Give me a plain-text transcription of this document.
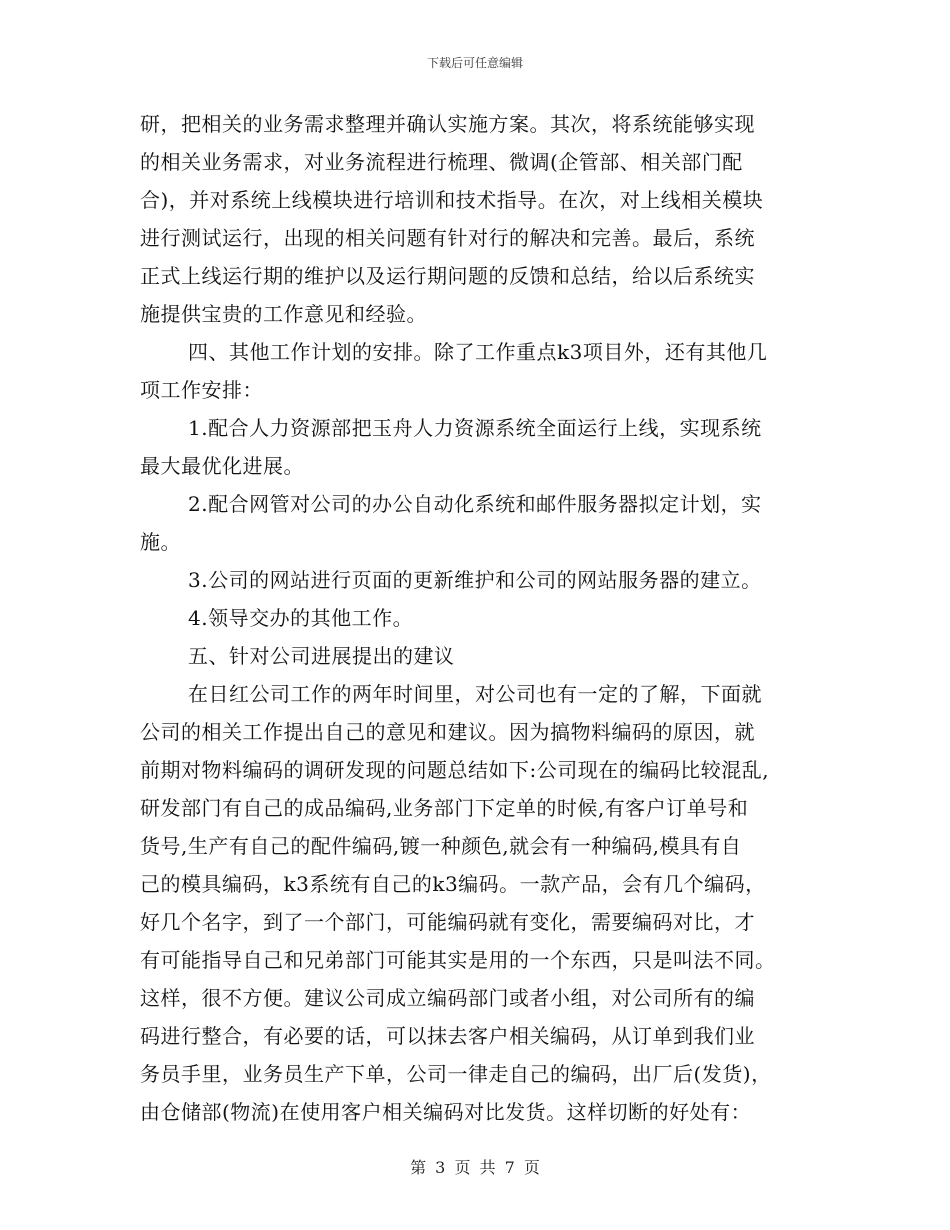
下载后可任意编辑
研，把相关的业务需求整理并确认实施方案。其次，将系统能够实现
的相关业务需求，对业务流程进行梳理、微调(企管部、相关部门配
合)，并对系统上线模块进行培训和技术指导。在次，对上线相关模块
进行测试运行，出现的相关问题有针对行的解决和完善。最后，系统
正式上线运行期的维护以及运行期问题的反馈和总结，给以后系统实
施提供宝贵的工作意见和经验。
四、其他工作计划的安排。除了工作重点k3项目外，还有其他几
项工作安排：
1.配合人力资源部把玉舟人力资源系统全面运行上线，实现系统
最大最优化进展。
2.配合网管对公司的办公自动化系统和邮件服务器拟定计划，实
施。
3.公司的网站进行页面的更新维护和公司的网站服务器的建立。
4.领导交办的其他工作。
五、针对公司进展提出的建议
在日红公司工作的两年时间里，对公司也有一定的了解，下面就
公司的相关工作提出自己的意见和建议。因为搞物料编码的原因，就
前期对物料编码的调研发现的问题总结如下:公司现在的编码比较混乱,
研发部门有自己的成品编码,业务部门下定单的时候,有客户订单号和
货号,生产有自己的配件编码,镀一种颜色,就会有一种编码,模具有自
己的模具编码，k3系统有自己的k3编码。一款产品，会有几个编码，
好几个名字，到了一个部门，可能编码就有变化，需要编码对比，才
有可能指导自己和兄弟部门可能其实是用的一个东西，只是叫法不同。
这样，很不方便。建议公司成立编码部门或者小组，对公司所有的编
码进行整合，有必要的话，可以抹去客户相关编码，从订单到我们业
务员手里，业务员生产下单，公司一律走自己的编码，出厂后(发货)，
由仓储部(物流)在使用客户相关编码对比发货。这样切断的好处有：
第 3 页 共 7 页
